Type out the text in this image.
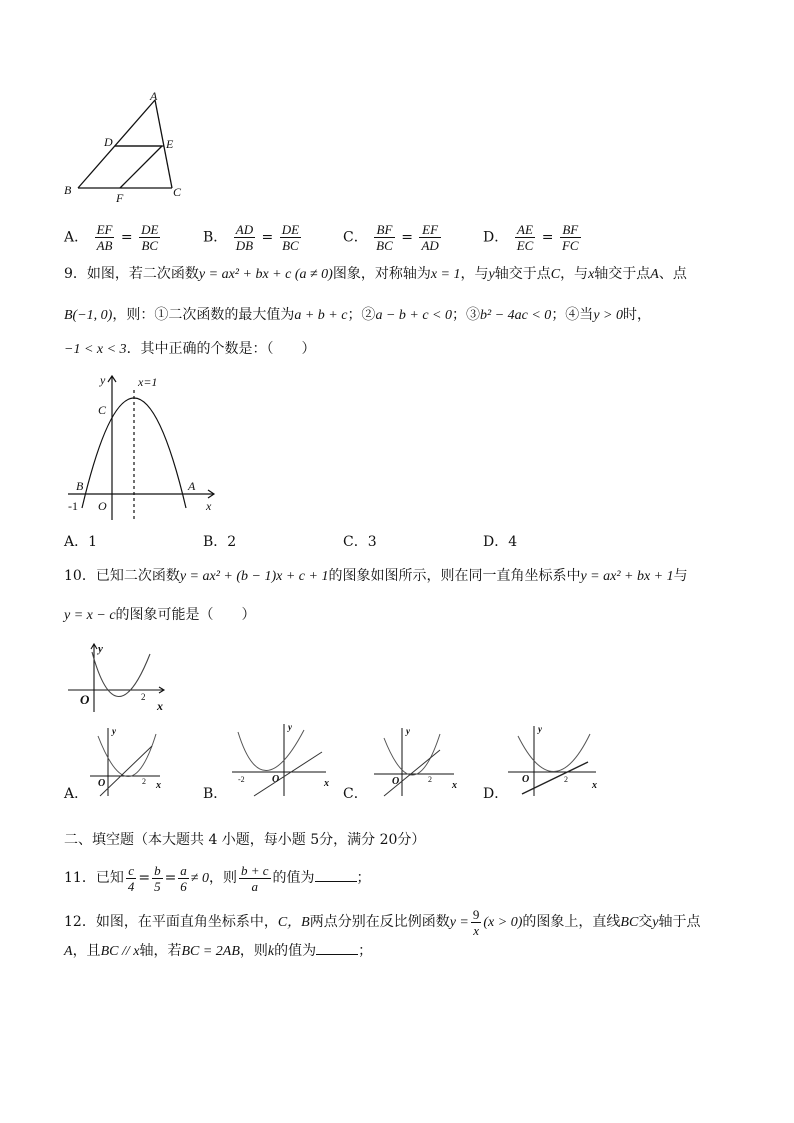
A
D	E
B	C
F
A． $\frac{EF}{AB} = \frac{DE}{BC}$	B． $\frac{AD}{DB} = \frac{DE}{BC}$	C． $\frac{BF}{BC} = \frac{EF}{AD}$	D． $\frac{AE}{EC} = \frac{BF}{FC}$
9．如图，若二次函数y = ax² + bx + c (a ≠ 0)图象，对称轴为x = 1，与y轴交于点C，与x轴交于点A、点
B(−1, 0)，则：①二次函数的最大值为a + b + c；②a − b + c < 0；③b² − 4ac < 0；④当y > 0时，
−1 < x < 3．其中正确的个数是：（　　）
y	x=1
C
B
-1 O
A
x
A．1	B．2	C．3	D．4
10．已知二次函数y = ax² + (b − 1)x + c + 1的图象如图所示，则在同一直角坐标系中y = ax² + bx + 1与
y = x − c的图象可能是（　　）
y
O	2
x
A．
y
O	2 x
B．
y
-2	O	x
C．
y
O	2
x
D．
y
O	2
x
二、填空题（本大题共 4 小题，每小题 5分，满分 20分）
11．已知 $\frac{c}{4} = \frac{b}{5} = \frac{a}{6} \ne 0$，则 $\frac{b + c}{a}$ 的值为	；
12．如图，在平面直角坐标系中，C，B两点分别在反比例函数$y = \frac{9}{x} (x > 0)$的图象上，直线BC交y轴于点
A，且BC // x轴，若BC = 2AB，则k的值为	；
